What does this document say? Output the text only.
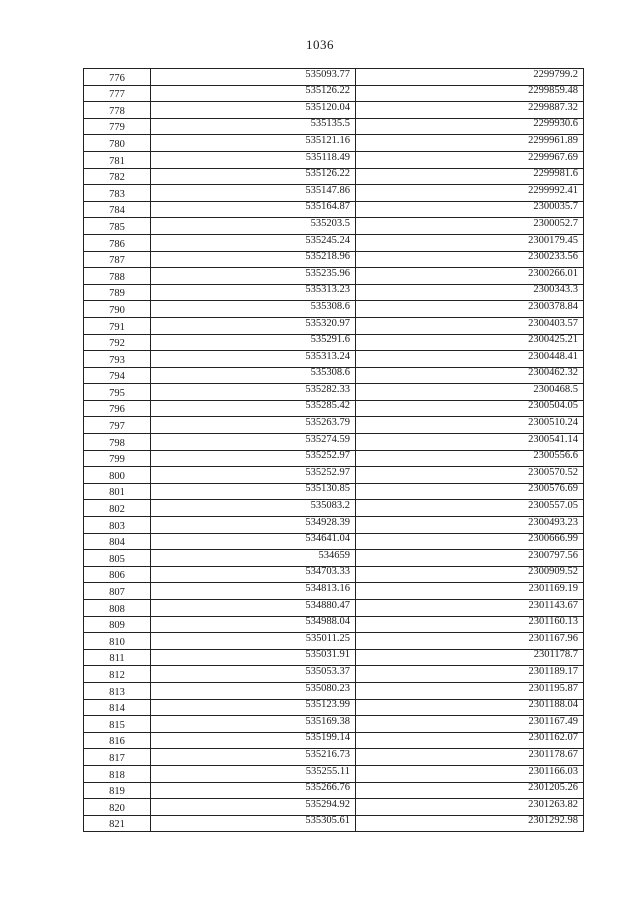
1036
776	535093.77	2299799.2
777	535126.22	2299859.48
778	535120.04	2299887.32
779	535135.5	2299930.6
780	535121.16	2299961.89
781	535118.49	2299967.69
782	535126.22	2299981.6
783	535147.86	2299992.41
784	535164.87	2300035.7
785	535203.5	2300052.7
786	535245.24	2300179.45
787	535218.96	2300233.56
788	535235.96	2300266.01
789	535313.23	2300343.3
790	535308.6	2300378.84
791	535320.97	2300403.57
792	535291.6	2300425.21
793	535313.24	2300448.41
794	535308.6	2300462.32
795	535282.33	2300468.5
796	535285.42	2300504.05
797	535263.79	2300510.24
798	535274.59	2300541.14
799	535252.97	2300556.6
800	535252.97	2300570.52
801	535130.85	2300576.69
802	535083.2	2300557.05
803	534928.39	2300493.23
804	534641.04	2300666.99
805	534659	2300797.56
806	534703.33	2300909.52
807	534813.16	2301169.19
808	534880.47	2301143.67
809	534988.04	2301160.13
810	535011.25	2301167.96
811	535031.91	2301178.7
812	535053.37	2301189.17
813	535080.23	2301195.87
814	535123.99	2301188.04
815	535169.38	2301167.49
816	535199.14	2301162.07
817	535216.73	2301178.67
818	535255.11	2301166.03
819	535266.76	2301205.26
820	535294.92	2301263.82
821	535305.61	2301292.98
